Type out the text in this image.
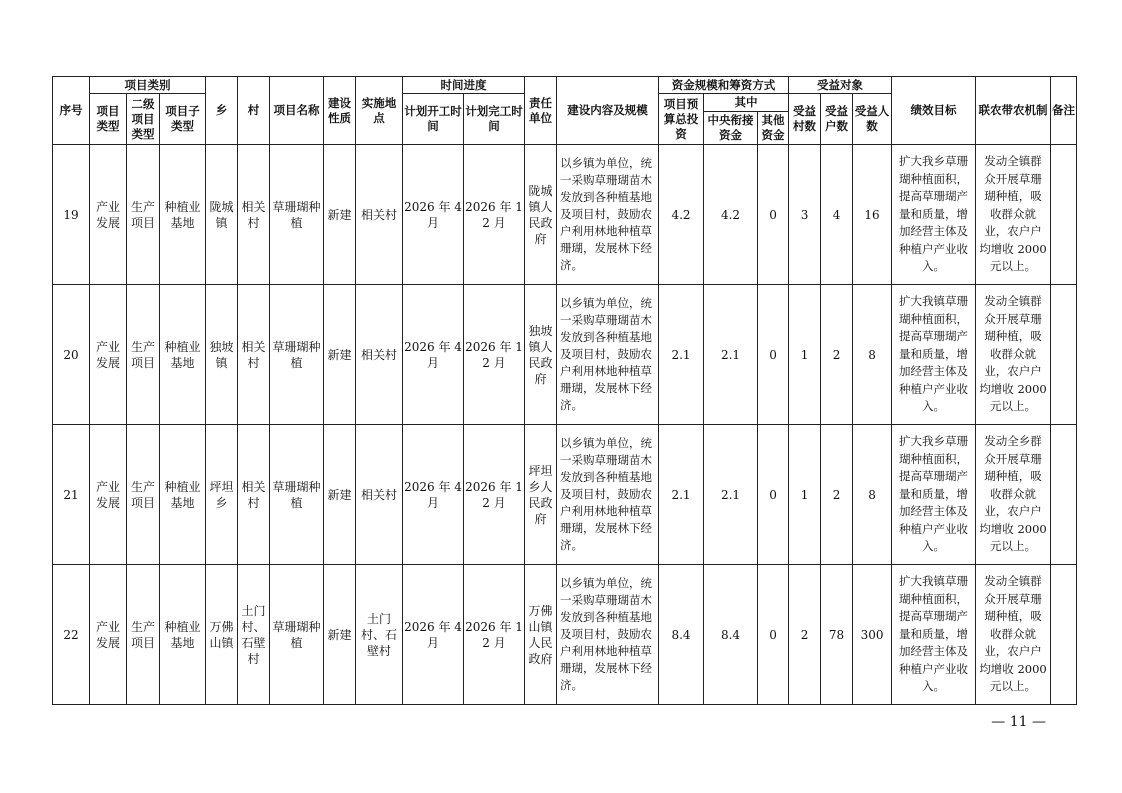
序号	项目类别			乡	村	项目名称	建设性质	实施地点	时间进度		责任单位	建设内容及规模	资金规模和筹资方式			受益对象			绩效目标	联农带农机制	备注
	项目类型	二级项目类型	项目子类型						计划开工时间	计划完工时间			项目预算总投资	其中		受益村数	受益户数	受益人数			
														中央衔接资金	其他资金						
19	产业发展	生产项目	种植业基地	陇城镇	相关村	草珊瑚种植	新建	相关村	2026 年 4 月	2026 年 12 月	陇城镇人民政府	以乡镇为单位，统一采购草珊瑚苗木发放到各种植基地及项目村，鼓励农户利用林地种植草珊瑚，发展林下经济。	4.2	4.2	0	3	4	16	扩大我乡草珊瑚种植面积，提高草珊瑚产量和质量，增加经营主体及种植户产业收入。	发动全镇群众开展草珊瑚种植，吸收群众就业，农户户均增收 2000 元以上。	
20	产业发展	生产项目	种植业基地	独坡镇	相关村	草珊瑚种植	新建	相关村	2026 年 4 月	2026 年 12 月	独坡镇人民政府	以乡镇为单位，统一采购草珊瑚苗木发放到各种植基地及项目村，鼓励农户利用林地种植草珊瑚，发展林下经济。	2.1	2.1	0	1	2	8	扩大我镇草珊瑚种植面积，提高草珊瑚产量和质量，增加经营主体及种植户产业收入。	发动全镇群众开展草珊瑚种植，吸收群众就业，农户户均增收 2000 元以上。	
21	产业发展	生产项目	种植业基地	坪坦乡	相关村	草珊瑚种植	新建	相关村	2026 年 4 月	2026 年 12 月	坪坦乡人民政府	以乡镇为单位，统一采购草珊瑚苗木发放到各种植基地及项目村，鼓励农户利用林地种植草珊瑚，发展林下经济。	2.1	2.1	0	1	2	8	扩大我乡草珊瑚种植面积，提高草珊瑚产量和质量，增加经营主体及种植户产业收入。	发动全乡群众开展草珊瑚种植，吸收群众就业，农户户均增收 2000 元以上。	
22	产业发展	生产项目	种植业基地	万佛山镇	土门村、石壁村	草珊瑚种植	新建	土门村、石壁村	2026 年 4 月	2026 年 12 月	万佛山镇人民政府	以乡镇为单位，统一采购草珊瑚苗木发放到各种植基地及项目村，鼓励农户利用林地种植草珊瑚，发展林下经济。	8.4	8.4	0	2	78	300	扩大我镇草珊瑚种植面积，提高草珊瑚产量和质量，增加经营主体及种植户产业收入。	发动全镇群众开展草珊瑚种植，吸收群众就业，农户户均增收 2000 元以上。	
— 11 —
